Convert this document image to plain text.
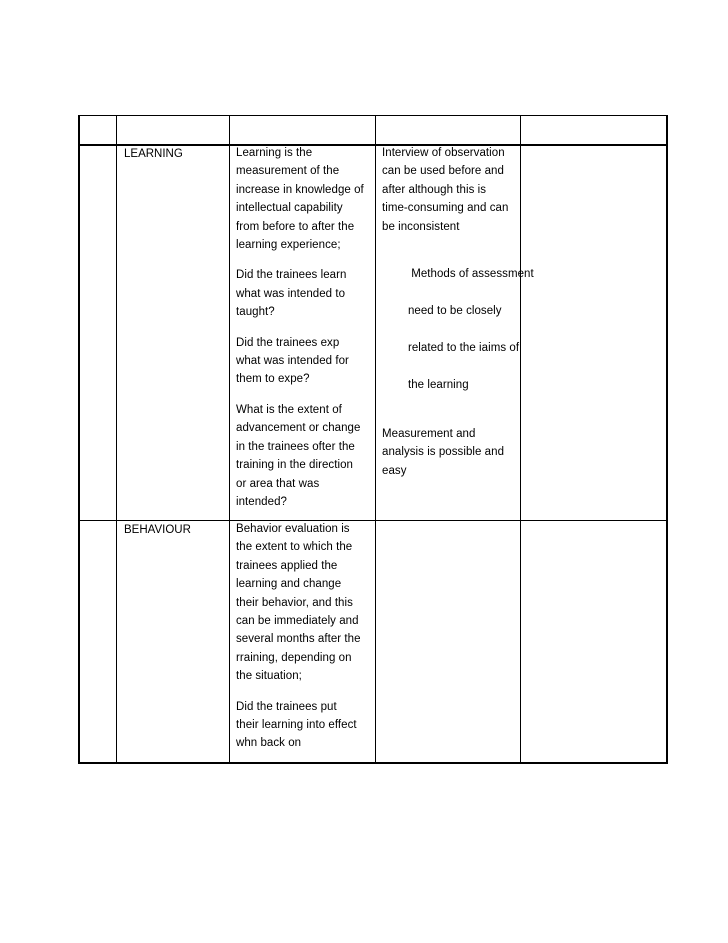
LEARNING	Learning is the
measurement of the
increase in knowledge of
intellectual capability
from before to after the
learning experience;

Did the trainees learn
what was intended to
taught?

Did the trainees exp
what was intended for
them to expe?

What is the extent of
advancement or change
in the trainees ofter the
training in the direction
or area that was
intended?

Interview of observation
can be used before and
after although this is
time-consuming and can
be inconsistent

Methods of assessment

need to be closely

related to the iaims of

the learning

Measurement and
analysis is possible and
easy

BEHAVIOUR	Behavior evaluation is
the extent to which the
trainees applied the
learning and change
their behavior, and this
can be immediately and
several months after the
rraining, depending on
the situation;

Did the trainees put
their learning into effect
whn back on
